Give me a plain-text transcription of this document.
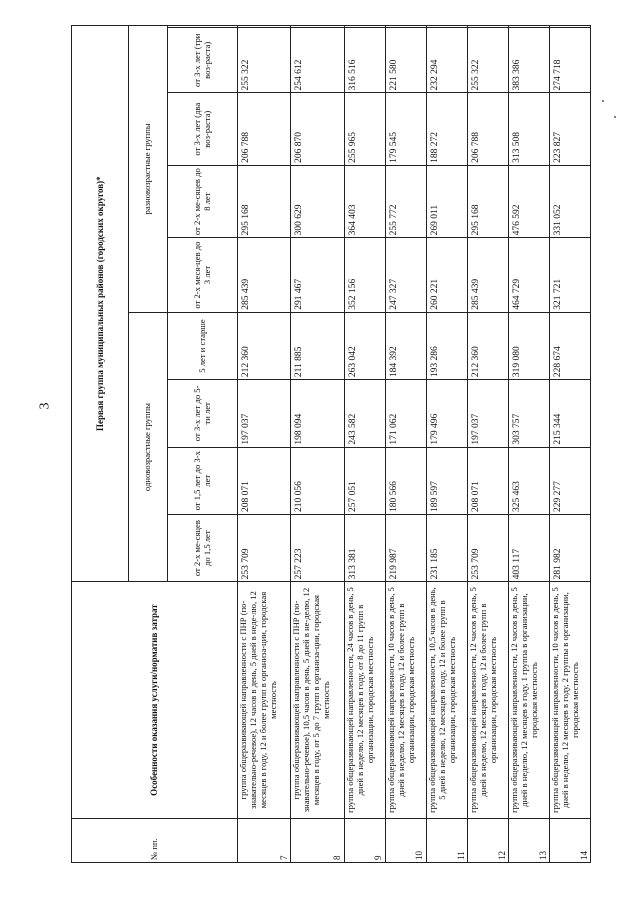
3
№ пп.	Особенности оказания услуги/норматив затрат	Первая группа муниципальных районов (городских округов)*								
		одновозрастные группы				разновозрастные группы				
		от 2-х ме-сяцев до 1,5 лет	от 1,5 лет до 3-х лет	от 3-х лет до 5-ти лет	5 лет и старше	от 2-х меся-цев до 3 лет	от 2-х ме-сяцев до 8 лет	от 3-х лет (два воз-раста)	от 3-х лет (три воз-раста)	
7	группа общеразвивающей направленности с ПНР (по-знавательно-речевое), 12 часов в день, 5 дней в неде-лю, 12 месяцев в году, 12 и более групп в организа-ции, городская местность	253 709	208 071	197 037	212 360	285 439	295 168	206 788	255 322	
8	группа общеразвивающей направленности с ПНР (по-знавательно-речевое), 10,5 часов в день, 5 дней в не-делю, 12 месяцев в году, от 5 до 7 групп в организа-ции, городская местность	257 223	210 056	198 094	211 885	291 467	300 629	206 870	254 612	
9	группа общеразвивающей направленности, 24 часов в день, 5 дней в неделю, 12 месяцев в году, от 8 до 11 групп в организации, городская местность	313 381	257 051	243 582	263 042	352 156	364 403	255 965	316 516	
10	группа общеразвивающей направленности, 10 часов в день, 5 дней в неделю, 12 месяцев в году, 12 и более групп в организации, городская местность	219 987	180 566	171 062	184 392	247 327	255 772	179 545	221 580	
11	группа общеразвивающей направленности, 10,5 часов в день, 5 дней в неделю, 12 месяцев в году, 12 и более групп в организации, городская местность	231 185	189 597	179 496	193 286	260 221	269 011	188 272	232 294	
12	группа общеразвивающей направленности, 12 часов в день, 5 дней в неделю, 12 месяцев в году, 12 и более групп в организации, городская местность	253 709	208 071	197 037	212 360	285 439	295 168	206 788	255 322	
13	группа общеразвивающей направленности, 12 часов в день, 5 дней в неделю, 12 месяцев в году, 1 группа в организации, городская местность	403 117	325 463	303 757	319 080	464 729	476 592	313 508	383 386	
14	группа общеразвивающей направленности, 10 часов в день, 5 дней в неделю, 12 месяцев в году, 2 группы в организации, городская местность	281 982	229 277	215 344	228 674	321 721	331 052	223 827	274 718	
